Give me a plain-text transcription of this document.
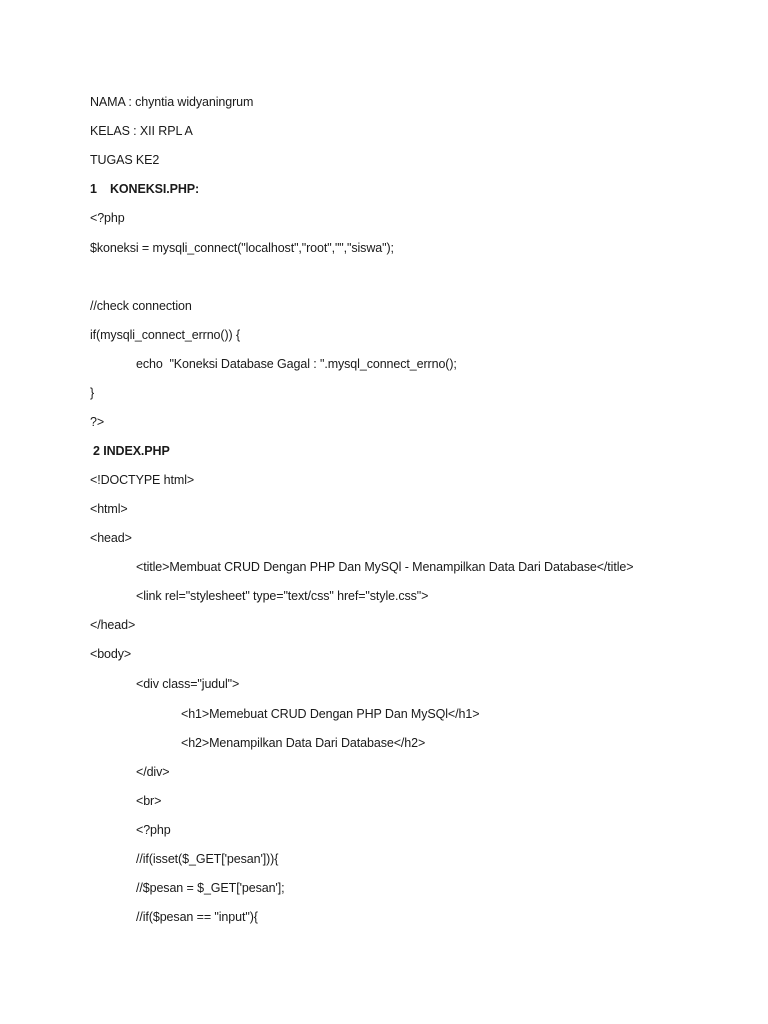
NAMA : chyntia widyaningrum
KELAS : XII RPL A
TUGAS KE2
1 KONEKSI.PHP:
<?php
$koneksi = mysqli_connect("localhost","root","","siswa");
//check connection
if(mysqli_connect_errno()) {
echo  "Koneksi Database Gagal : ".mysql_connect_errno();
}
?>
2 INDEX.PHP
<!DOCTYPE html>
<html>
<head>
<title>Membuat CRUD Dengan PHP Dan MySQl - Menampilkan Data Dari Database</title>
<link rel="stylesheet" type="text/css" href="style.css">
</head>
<body>
<div class="judul">
<h1>Memebuat CRUD Dengan PHP Dan MySQl</h1>
<h2>Menampilkan Data Dari Database</h2>
</div>
<br>
<?php
//if(isset($_GET['pesan'])){
//$pesan = $_GET['pesan'];
//if($pesan == "input"){
